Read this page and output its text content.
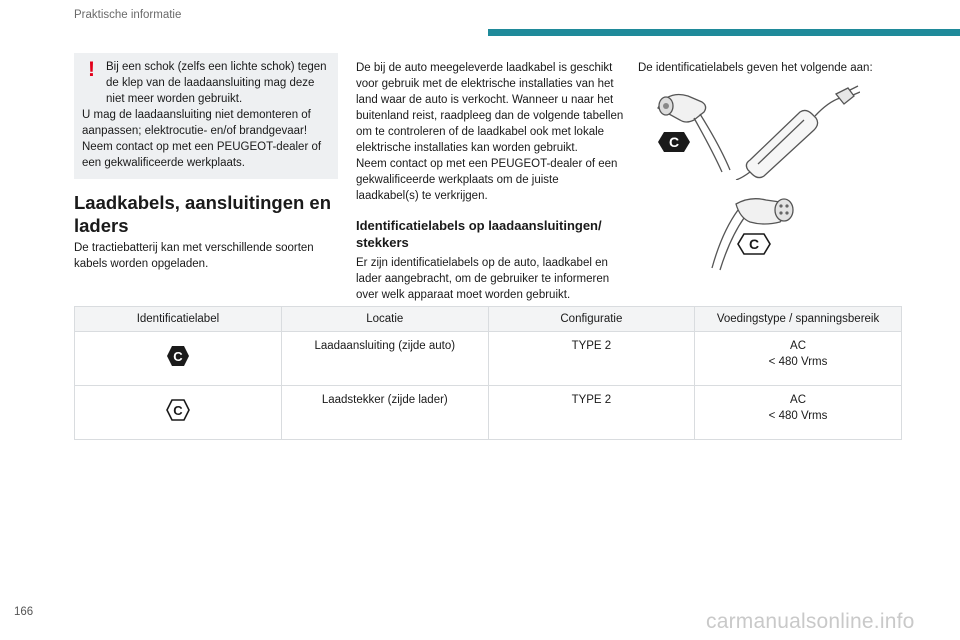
Praktische informatie
! Bij een schok (zelfs een lichte schok) tegen de klep van de laadaansluiting mag deze niet meer worden gebruikt.

U mag de laadaansluiting niet demonteren of aanpassen; elektrocutie- en/of brandgevaar!

Neem contact op met een PEUGEOT-dealer of een gekwalificeerde werkplaats.

Laadkabels, aansluitingen en laders
De tractiebatterij kan met verschillende soorten kabels worden opgeladen.

De bij de auto meegeleverde laadkabel is geschikt voor gebruik met de elektrische installaties van het land waar de auto is verkocht. Wanneer u naar het buitenland reist, raadpleeg dan de volgende tabellen om te controleren of de laadkabel ook met lokale elektrische installaties kan worden gebruikt.

Neem contact op met een PEUGEOT-dealer of een gekwalificeerde werkplaats om de juiste laadkabel(s) te verkrijgen.

Identificatielabels op laadaansluitingen/ stekkers
Er zijn identificatielabels op de auto, laadkabel en lader aangebracht, om de gebruiker te informeren over welk apparaat moet worden gebruikt.
De identificatielabels geven het volgende aan:
C
C
Identificatielabel	Locatie	Configuratie	Voedingstype / spanningsbereik

C	Laadaansluiting (zijde auto)	TYPE 2	AC
< 480 Vrms

C	Laadstekker (zijde lader)	TYPE 2	AC
< 480 Vrms
166	carmanualsonline.info
